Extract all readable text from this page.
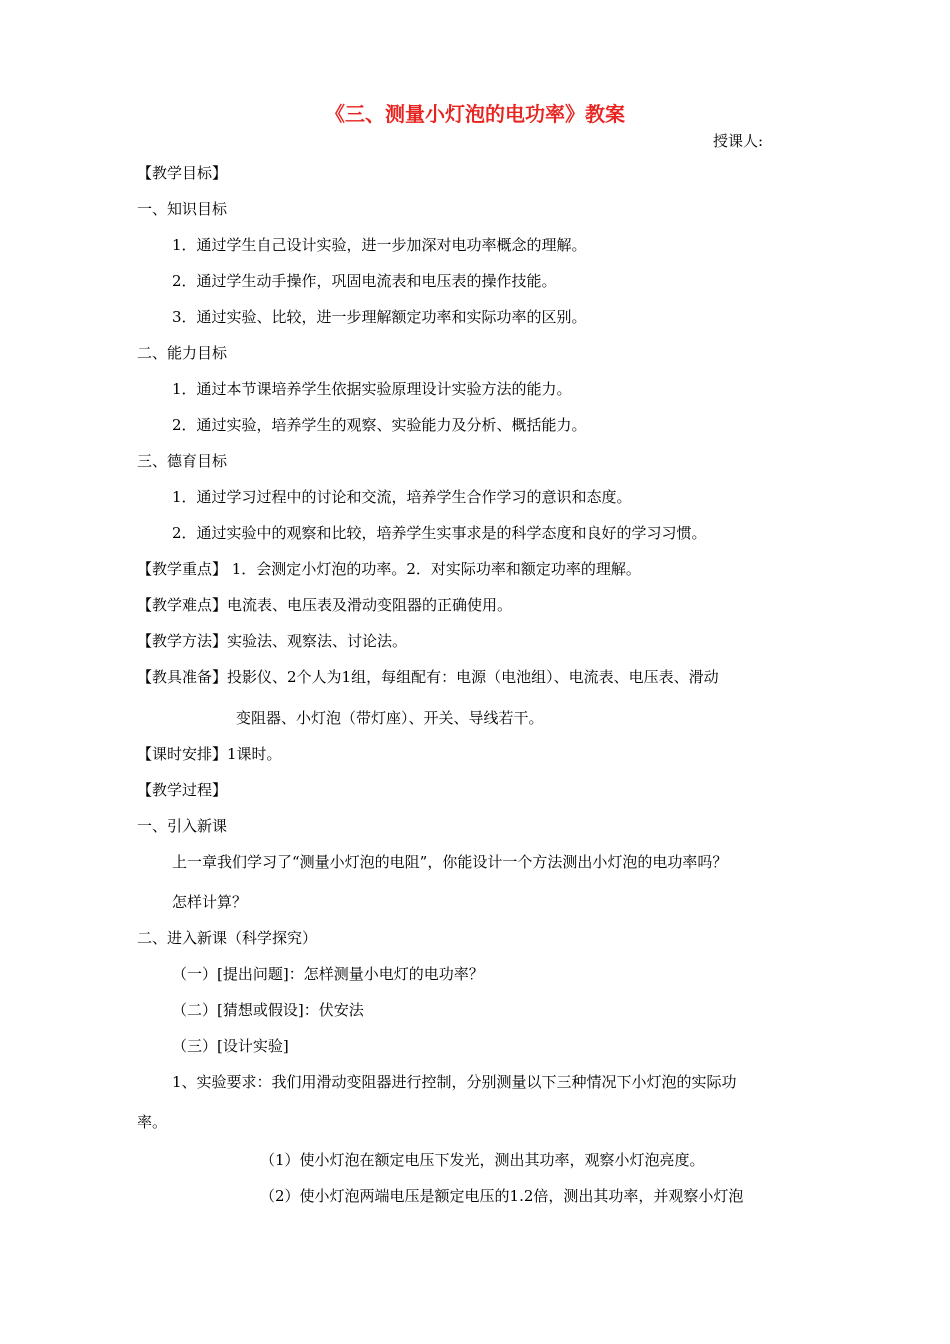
《三、测量小灯泡的电功率》教案
授课人:
【教学目标】
一、知识目标
1．通过学生自己设计实验，进一步加深对电功率概念的理解。
2．通过学生动手操作，巩固电流表和电压表的操作技能。
3．通过实验、比较，进一步理解额定功率和实际功率的区别。
二、能力目标
1．通过本节课培养学生依据实验原理设计实验方法的能力。
2．通过实验，培养学生的观察、实验能力及分析、概括能力。
三、德育目标
1．通过学习过程中的讨论和交流，培养学生合作学习的意识和态度。
2．通过实验中的观察和比较，培养学生实事求是的科学态度和良好的学习习惯。
【教学重点】 1．会测定小灯泡的功率。2．对实际功率和额定功率的理解。
【教学难点】电流表、电压表及滑动变阻器的正确使用。
【教学方法】实验法、观察法、讨论法。
【教具准备】投影仪、2个人为1组，每组配有：电源（电池组）、电流表、电压表、滑动
变阻器、小灯泡（带灯座）、开关、导线若干。
【课时安排】1课时。
【教学过程】
一、引入新课
上一章我们学习了“测量小灯泡的电阻”，你能设计一个方法测出小灯泡的电功率吗？
怎样计算？
二、进入新课（科学探究）
（一）[提出问题]：怎样测量小电灯的电功率？
（二）[猜想或假设]：伏安法
（三）[设计实验]
1、实验要求：我们用滑动变阻器进行控制，分别测量以下三种情况下小灯泡的实际功
率。
（1）使小灯泡在额定电压下发光，测出其功率，观察小灯泡亮度。
（2）使小灯泡两端电压是额定电压的1.2倍，测出其功率，并观察小灯泡
